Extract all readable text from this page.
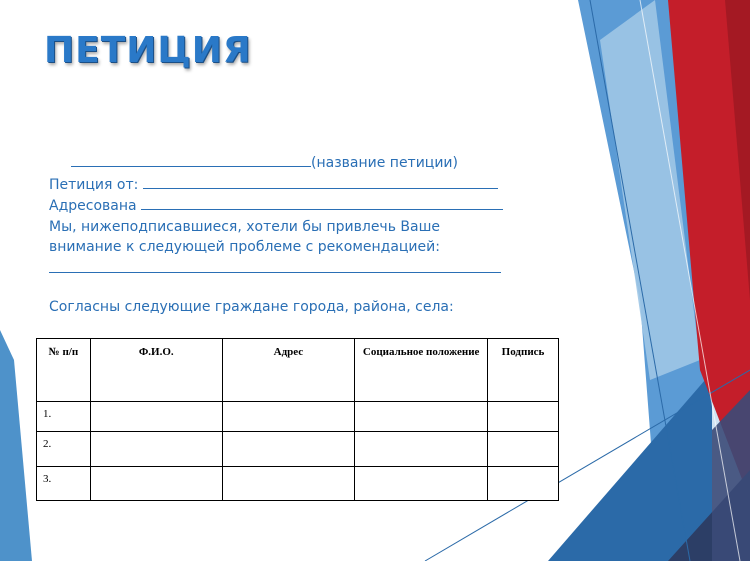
ПЕТИЦИЯ
(название петиции)
Петиция от:
Адресована
Мы, нижеподписавшиеся, хотели бы привлечь Ваше
внимание к следующей проблеме с рекомендацией:
Согласны следующие граждане города, района, села:
№ п/п	Ф.И.О.	Адрес	Социальное положение	Подпись
1.				
2.				
3.				
